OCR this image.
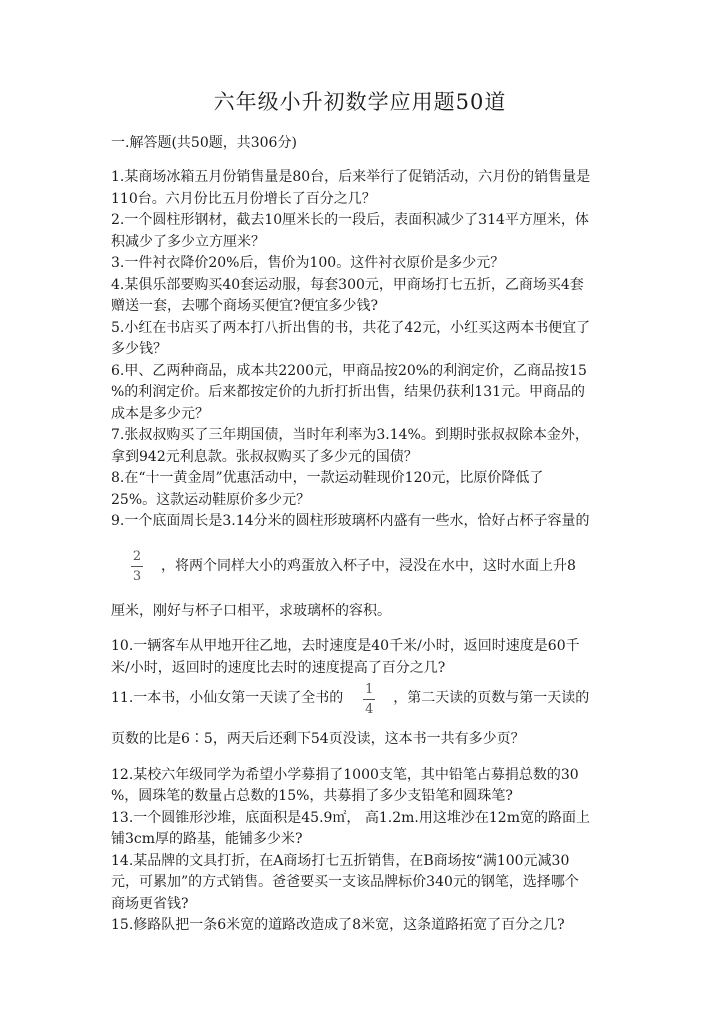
六年级小升初数学应用题50道
一.解答题(共50题，共306分)
1.某商场冰箱五月份销售量是80台，后来举行了促销活动，六月份的销售量是
110台。六月份比五月份增长了百分之几？
2.一个圆柱形钢材，截去10厘米长的一段后，表面积减少了314平方厘米，体
积减少了多少立方厘米？
3.一件衬衣降价20%后，售价为100。这件衬衣原价是多少元？
4.某俱乐部要购买40套运动服，每套300元，甲商场打七五折，乙商场买4套
赠送一套，去哪个商场买便宜?便宜多少钱?
5.小红在书店买了两本打八折出售的书，共花了42元，小红买这两本书便宜了
多少钱？
6.甲、乙两种商品，成本共2200元，甲商品按20%的利润定价，乙商品按15
%的利润定价。后来都按定价的九折打折出售，结果仍获利131元。甲商品的
成本是多少元？
7.张叔叔购买了三年期国债，当时年利率为3.14%。到期时张叔叔除本金外，
拿到942元利息款。张叔叔购买了多少元的国债？
8.在“十一黄金周”优惠活动中，一款运动鞋现价120元，比原价降低了
25%。这款运动鞋原价多少元？
9.一个底面周长是3.14分米的圆柱形玻璃杯内盛有一些水，恰好占杯子容量的
$\frac{2}{3}$ ，将两个同样大小的鸡蛋放入杯子中，浸没在水中，这时水面上升8
厘米，刚好与杯子口相平，求玻璃杯的容积。
10.一辆客车从甲地开往乙地，去时速度是40千米/小时，返回时速度是60千
米/小时，返回时的速度比去时的速度提高了百分之几?
11.一本书，小仙女第一天读了全书的 $\frac{1}{4}$ ，第二天读的页数与第一天读的
页数的比是6∶5，两天后还剩下54页没读，这本书一共有多少页？
12.某校六年级同学为希望小学募捐了1000支笔，其中铅笔占募捐总数的30
%，圆珠笔的数量占总数的15%，共募捐了多少支铅笔和圆珠笔?
13.一个圆锥形沙堆，底面积是45.9㎡， 高1.2m.用这堆沙在12m宽的路面上
铺3cm厚的路基，能铺多少米?
14.某品牌的文具打折，在A商场打七五折销售，在B商场按“满100元减30
元，可累加”的方式销售。爸爸要买一支该品牌标价340元的钢笔，选择哪个
商场更省钱?
15.修路队把一条6米宽的道路改造成了8米宽，这条道路拓宽了百分之几?
